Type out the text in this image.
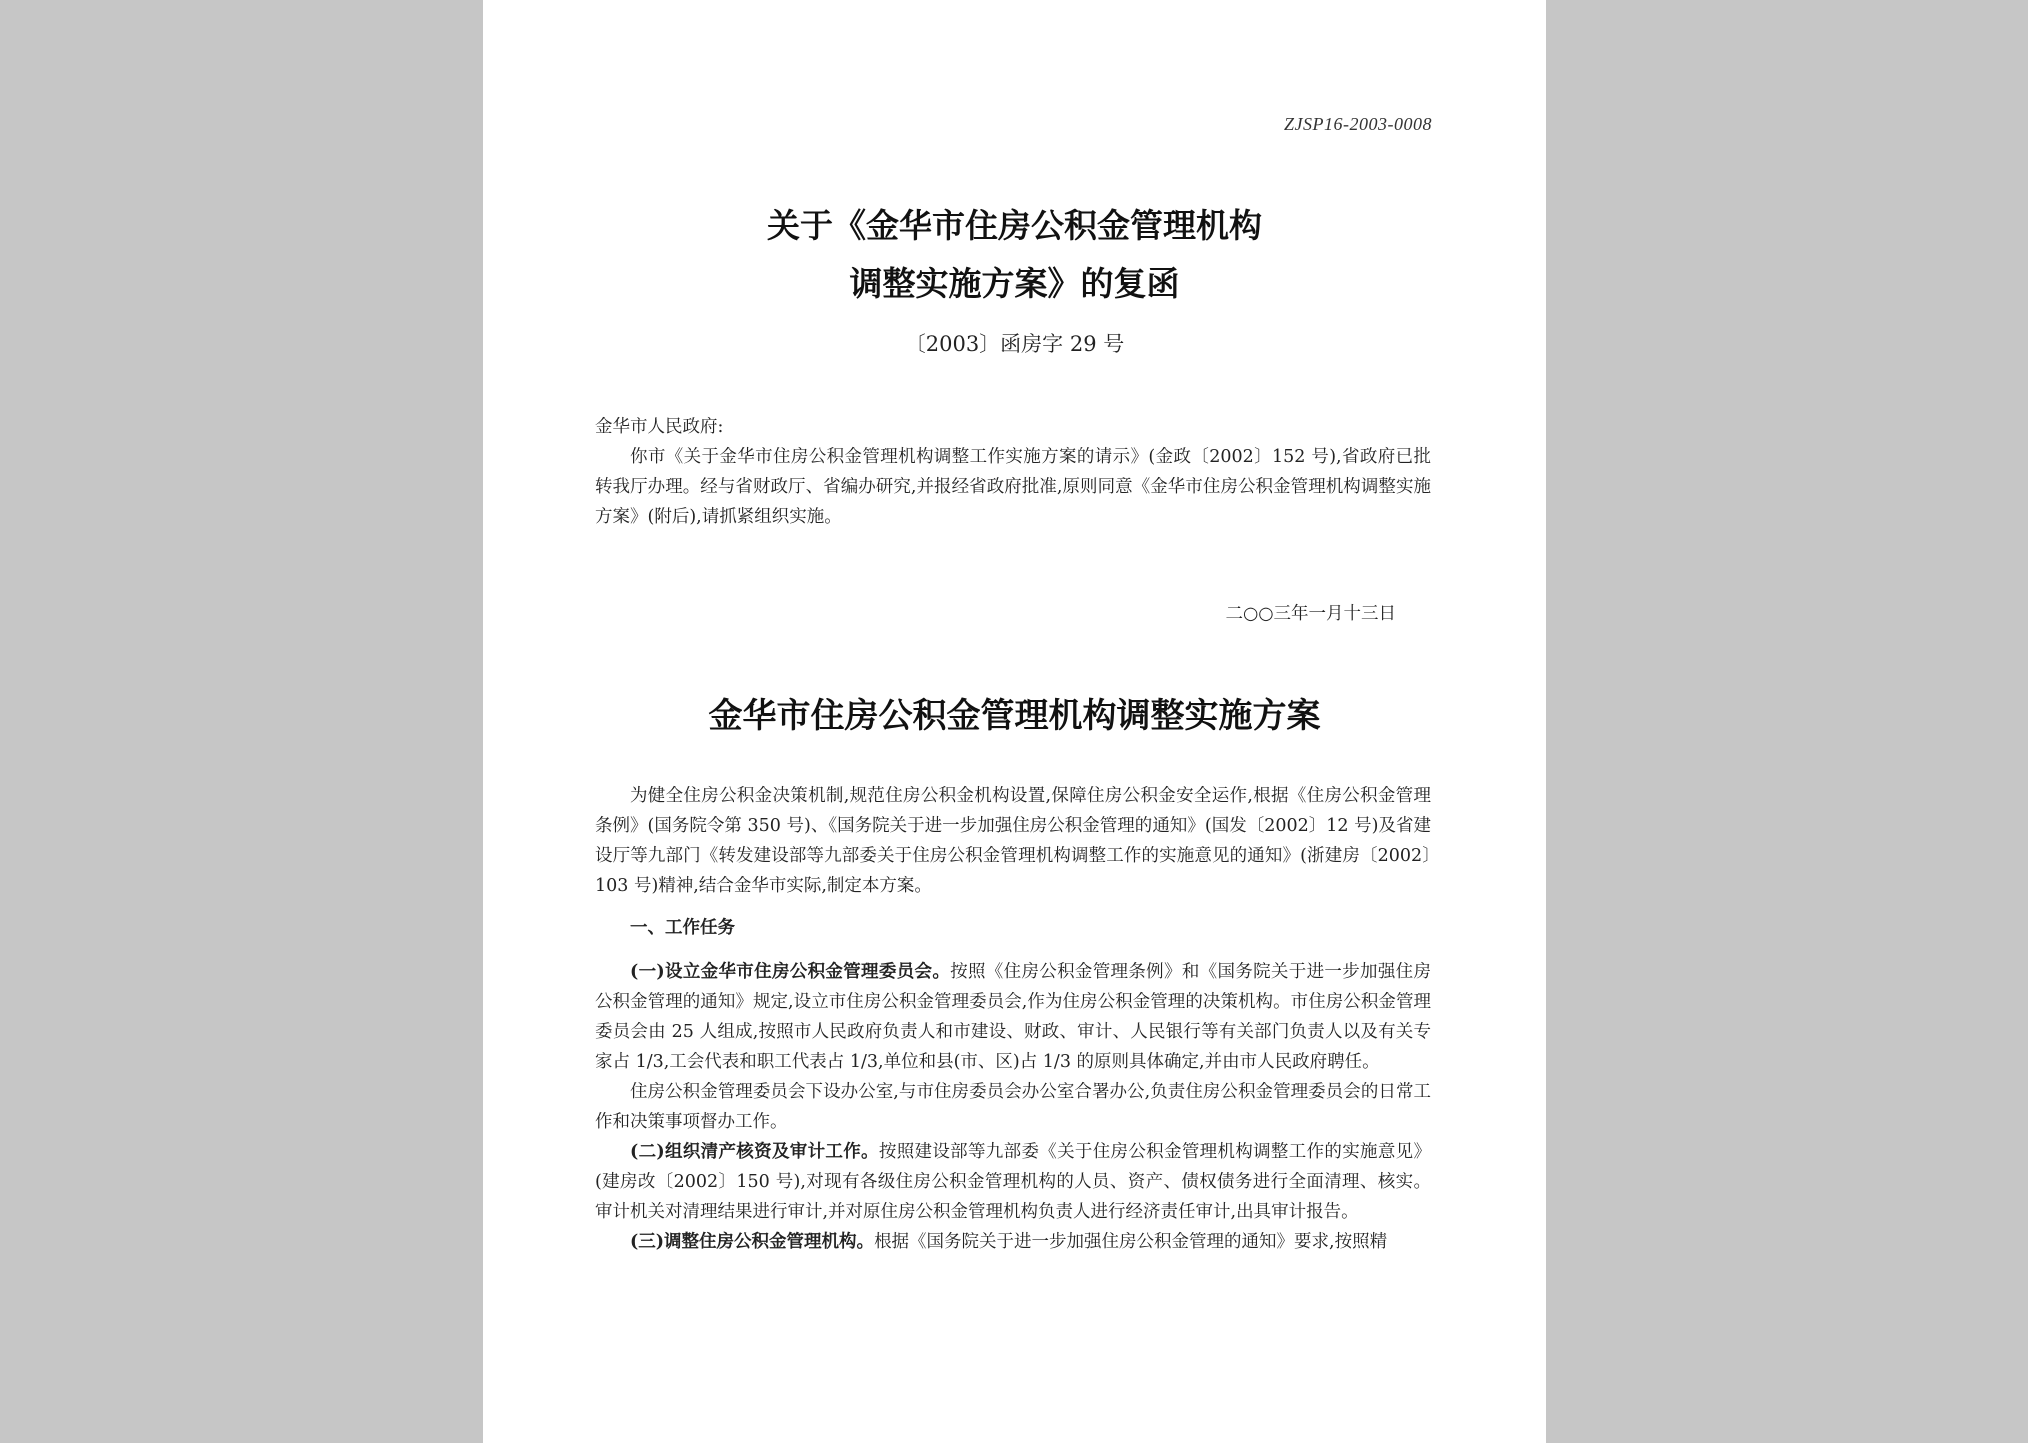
ZJSP16-2003-0008
关于《金华市住房公积金管理机构
调整实施方案》的复函
〔2003〕函房字 29 号

金华市人民政府:

你市《关于金华市住房公积金管理机构调整工作实施方案的请示》(金政〔2002〕152 号),省政府已批转我厅办理。经与省财政厅、省编办研究,并报经省政府批准,原则同意《金华市住房公积金管理机构调整实施方案》(附后),请抓紧组织实施。

二○○三年一月十三日
金华市住房公积金管理机构调整实施方案

为健全住房公积金决策机制,规范住房公积金机构设置,保障住房公积金安全运作,根据《住房公积金管理条例》(国务院令第 350 号)、《国务院关于进一步加强住房公积金管理的通知》(国发〔2002〕12 号)及省建设厅等九部门《转发建设部等九部委关于住房公积金管理机构调整工作的实施意见的通知》(浙建房〔2002〕103 号)精神,结合金华市实际,制定本方案。

一、工作任务

(一)设立金华市住房公积金管理委员会。按照《住房公积金管理条例》和《国务院关于进一步加强住房公积金管理的通知》规定,设立市住房公积金管理委员会,作为住房公积金管理的决策机构。市住房公积金管理委员会由 25 人组成,按照市人民政府负责人和市建设、财政、审计、人民银行等有关部门负责人以及有关专家占 1/3,工会代表和职工代表占 1/3,单位和县(市、区)占 1/3 的原则具体确定,并由市人民政府聘任。

住房公积金管理委员会下设办公室,与市住房委员会办公室合署办公,负责住房公积金管理委员会的日常工作和决策事项督办工作。

(二)组织清产核资及审计工作。按照建设部等九部委《关于住房公积金管理机构调整工作的实施意见》(建房改〔2002〕150 号),对现有各级住房公积金管理机构的人员、资产、债权债务进行全面清理、核实。审计机关对清理结果进行审计,并对原住房公积金管理机构负责人进行经济责任审计,出具审计报告。

(三)调整住房公积金管理机构。根据《国务院关于进一步加强住房公积金管理的通知》要求,按照精
